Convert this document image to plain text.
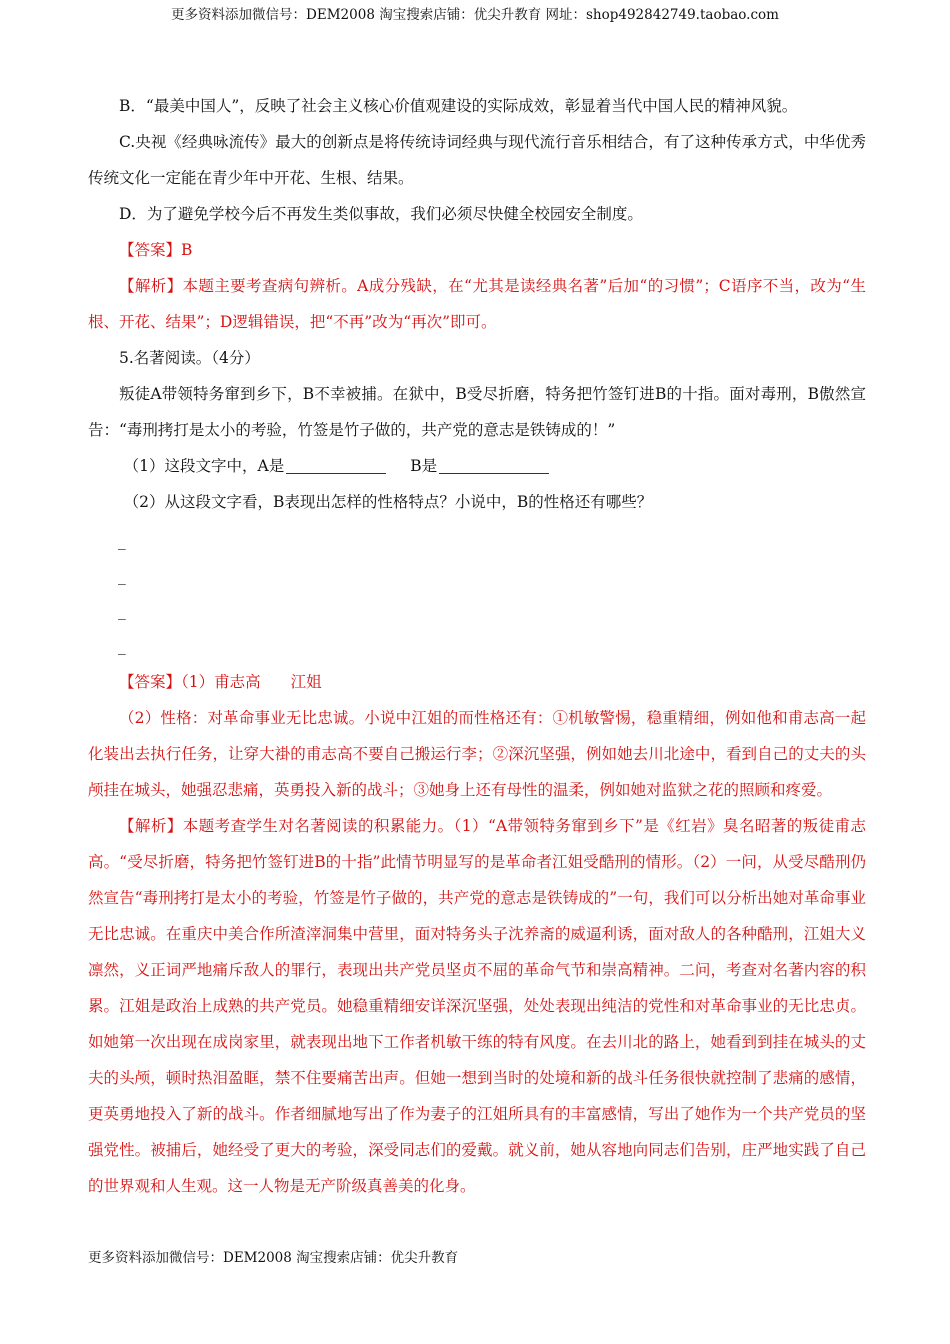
更多资料添加微信号：DEM2008 淘宝搜索店铺：优尖升教育 网址：shop492842749.taobao.com

B．“最美中国人”，反映了社会主义核心价值观建设的实际成效，彰显着当代中国人民的精神风貌。

C.央视《经典咏流传》最大的创新点是将传统诗词经典与现代流行音乐相结合，有了这种传承方式，中华优秀传统文化一定能在青少年中开花、生根、结果。

D．为了避免学校今后不再发生类似事故，我们必须尽快健全校园安全制度。

【答案】B

【解析】本题主要考查病句辨析。A成分残缺，在“尤其是读经典名著”后加“的习惯”；C语序不当，改为“生根、开花、结果”；D逻辑错误，把“不再”改为“再次”即可。

5.名著阅读。（4分）

叛徒A带领特务窜到乡下，B不幸被捕。在狱中，B受尽折磨，特务把竹签钉进B的十指。面对毒刑，B傲然宣告：“毒刑拷打是太小的考验，竹签是竹子做的，共产党的意志是铁铸成的！”

（1）这段文字中，A是	B是

（2）从这段文字看，B表现出怎样的性格特点？小说中，B的性格还有哪些？

_

_

_

_

【答案】（1）甫志高 江姐

（2）性格：对革命事业无比忠诚。小说中江姐的而性格还有：①机敏警惕，稳重精细，例如他和甫志高一起化装出去执行任务，让穿大褂的甫志高不要自己搬运行李；②深沉坚强，例如她去川北途中，看到自己的丈夫的头颅挂在城头，她强忍悲痛，英勇投入新的战斗；③她身上还有母性的温柔，例如她对监狱之花的照顾和疼爱。

【解析】本题考查学生对名著阅读的积累能力。（1）“A带领特务窜到乡下”是《红岩》臭名昭著的叛徒甫志高。“受尽折磨，特务把竹签钉进B的十指”此情节明显写的是革命者江姐受酷刑的情形。（2）一问，从受尽酷刑仍然宣告“毒刑拷打是太小的考验，竹签是竹子做的，共产党的意志是铁铸成的”一句，我们可以分析出她对革命事业无比忠诚。在重庆中美合作所渣滓洞集中营里，面对特务头子沈养斋的威逼利诱，面对敌人的各种酷刑，江姐大义凛然，义正词严地痛斥敌人的罪行，表现出共产党员坚贞不屈的革命气节和崇高精神。二问，考查对名著内容的积累。江姐是政治上成熟的共产党员。她稳重精细安详深沉坚强，处处表现出纯洁的党性和对革命事业的无比忠贞。如她第一次出现在成岗家里，就表现出地下工作者机敏干练的特有风度。在去川北的路上，她看到到挂在城头的丈夫的头颅，顿时热泪盈眶，禁不住要痛苦出声。但她一想到当时的处境和新的战斗任务很快就控制了悲痛的感情，更英勇地投入了新的战斗。作者细腻地写出了作为妻子的江姐所具有的丰富感情，写出了她作为一个共产党员的坚强党性。被捕后，她经受了更大的考验，深受同志们的爱戴。就义前，她从容地向同志们告别，庄严地实践了自己的世界观和人生观。这一人物是无产阶级真善美的化身。

更多资料添加微信号：DEM2008 淘宝搜索店铺：优尖升教育
